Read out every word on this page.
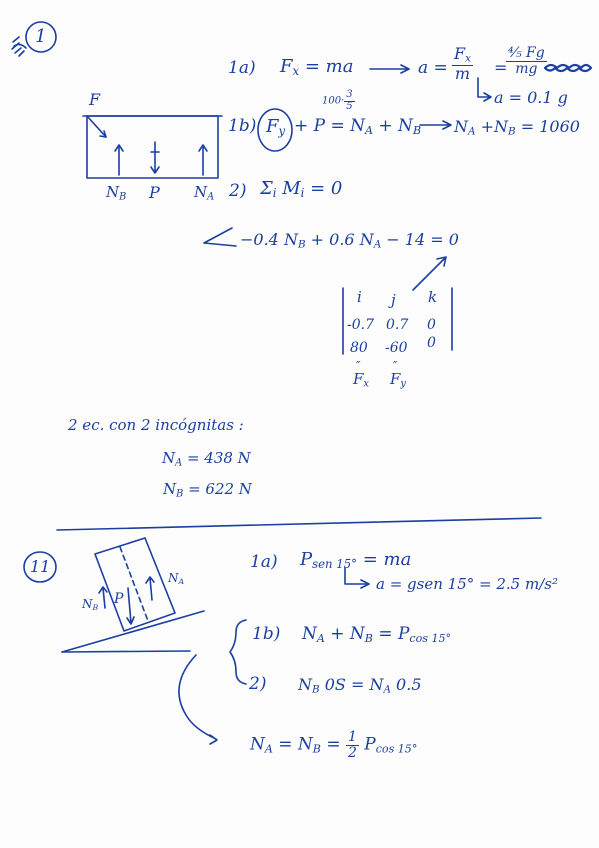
1
F
$N_B$ P $N_A$
1a) $F_x$ = ma	$a = \frac{F_x}{m}$ =
$\frac{\text{⁴⁄₅ Fg}}{mg}$
a = 0.1 g
$100\cdot \frac{3}{5}$
1b) $F_y + P = N_A + N_B$ $N_A +N_B = 1060$
2) $\Sigma_i$ $M_i = 0$
−0.4 $N_B + 0.6$ $N_A - 14 = 0$
i j k
-0.7 0.7 0
80 -60 0
″	″
$F_x$ $F_y$
2 ec. con 2 incógnitas :
$N_A = 438$ N
$N_B = 622$ N
11
$N_A$
$N_B$
P
1a) $P_{sen 15^\circ}$ = ma
a = gsen 15° = 2.5 m/s²
1b) $N_A + N_B = P_{cos 15^\circ}$
2) $N_B$ $0S = N_A$ 0.5
$N_A = N_B = \frac{1}{2} P_{cos 15^\circ}$
